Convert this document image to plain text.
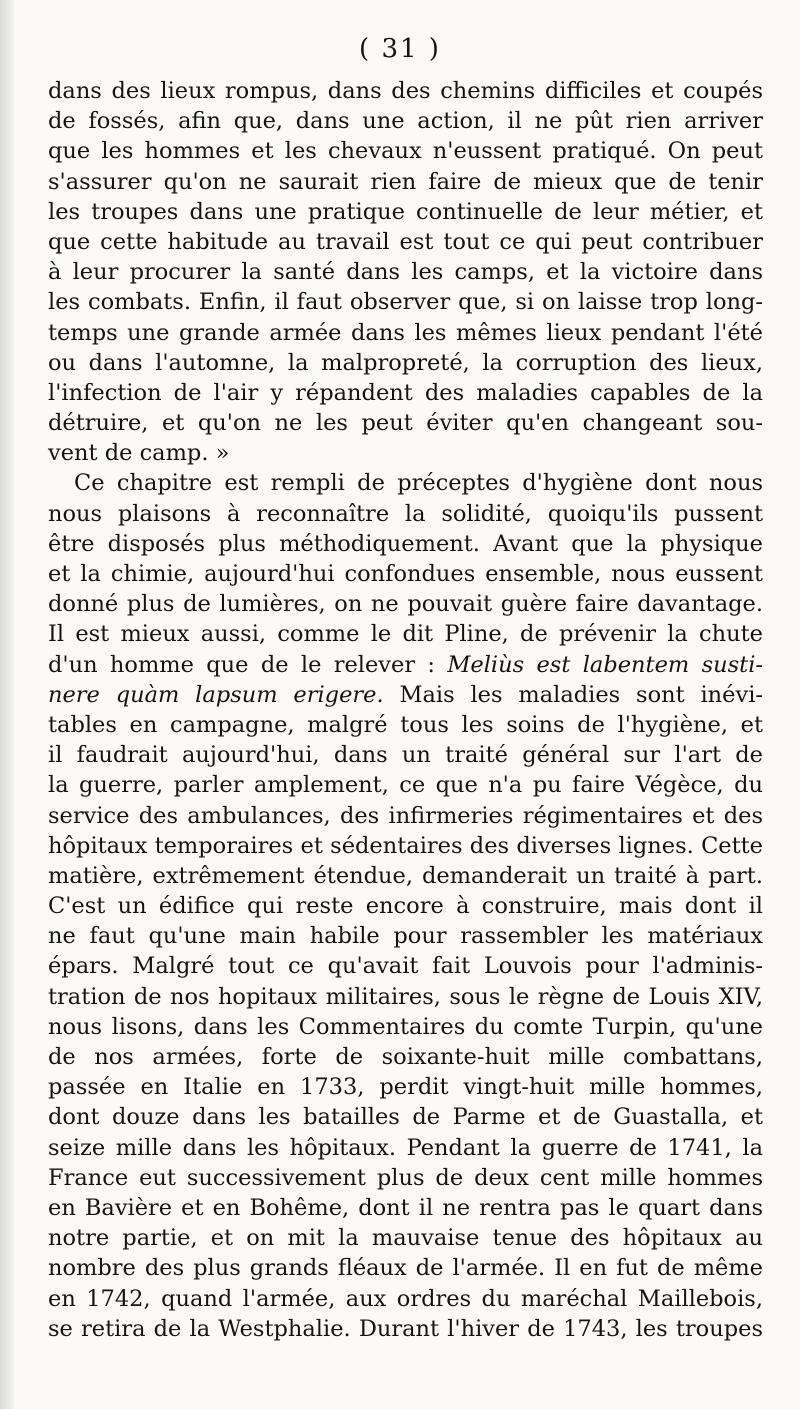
( 31 )
dans des lieux rompus, dans des chemins difficiles et coupés
de fossés, afin que, dans une action, il ne pût rien arriver
que les hommes et les chevaux n'eussent pratiqué. On peut
s'assurer qu'on ne saurait rien faire de mieux que de tenir
les troupes dans une pratique continuelle de leur métier, et
que cette habitude au travail est tout ce qui peut contribuer
à leur procurer la santé dans les camps, et la victoire dans
les combats. Enfin, il faut observer que, si on laisse trop long-
temps une grande armée dans les mêmes lieux pendant l'été
ou dans l'automne, la malpropreté, la corruption des lieux,
l'infection de l'air y répandent des maladies capables de la
détruire, et qu'on ne les peut éviter qu'en changeant sou-
vent de camp. »
Ce chapitre est rempli de préceptes d'hygiène dont nous
nous plaisons à reconnaître la solidité, quoiqu'ils pussent
être disposés plus méthodiquement. Avant que la physique
et la chimie, aujourd'hui confondues ensemble, nous eussent
donné plus de lumières, on ne pouvait guère faire davantage.
Il est mieux aussi, comme le dit Pline, de prévenir la chute
d'un homme que de le relever : Meliùs est labentem susti-
nere quàm lapsum erigere. Mais les maladies sont inévi-
tables en campagne, malgré tous les soins de l'hygiène, et
il faudrait aujourd'hui, dans un traité général sur l'art de
la guerre, parler amplement, ce que n'a pu faire Végèce, du
service des ambulances, des infirmeries régimentaires et des
hôpitaux temporaires et sédentaires des diverses lignes. Cette
matière, extrêmement étendue, demanderait un traité à part.
C'est un édifice qui reste encore à construire, mais dont il
ne faut qu'une main habile pour rassembler les matériaux
épars. Malgré tout ce qu'avait fait Louvois pour l'adminis-
tration de nos hopitaux militaires, sous le règne de Louis XIV,
nous lisons, dans les Commentaires du comte Turpin, qu'une
de nos armées, forte de soixante-huit mille combattans,
passée en Italie en 1733, perdit vingt-huit mille hommes,
dont douze dans les batailles de Parme et de Guastalla, et
seize mille dans les hôpitaux. Pendant la guerre de 1741, la
France eut successivement plus de deux cent mille hommes
en Bavière et en Bohême, dont il ne rentra pas le quart dans
notre partie, et on mit la mauvaise tenue des hôpitaux au
nombre des plus grands fléaux de l'armée. Il en fut de même
en 1742, quand l'armée, aux ordres du maréchal Maillebois,
se retira de la Westphalie. Durant l'hiver de 1743, les troupes
